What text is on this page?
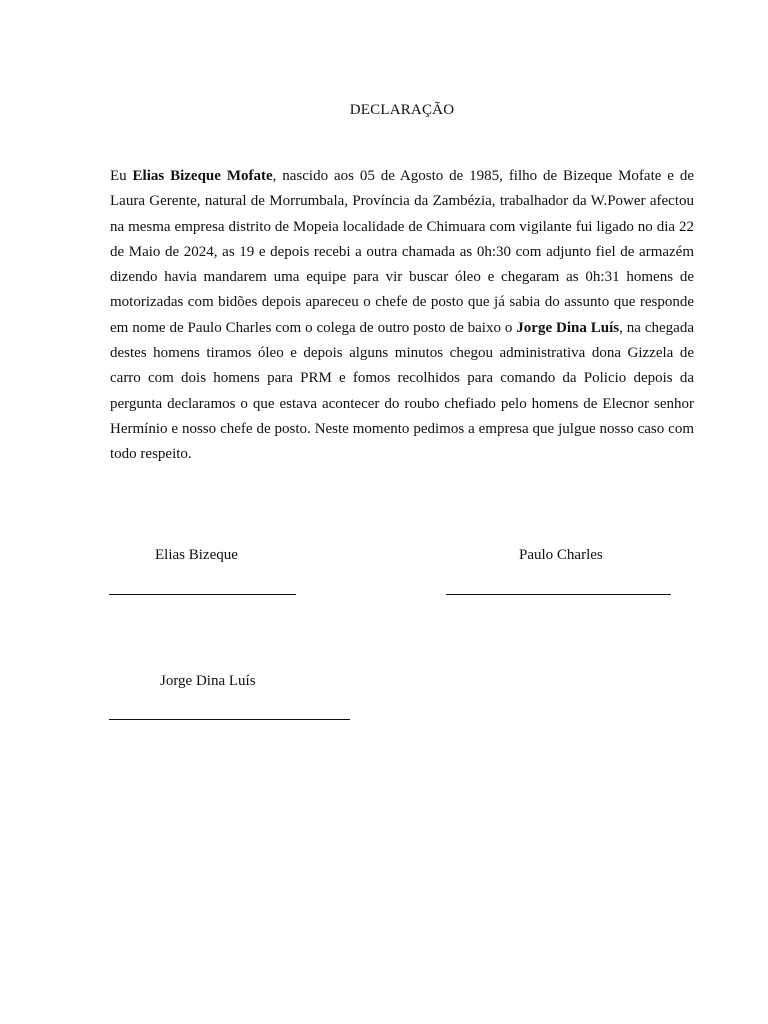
DECLARAÇÃO

Eu Elias Bizeque Mofate, nascido aos 05 de Agosto de 1985, filho de Bizeque Mofate e de Laura Gerente, natural de Morrumbala, Província da Zambézia, trabalhador da W.Power afectou na mesma empresa distrito de Mopeia localidade de Chimuara com vigilante fui ligado no dia 22 de Maio de 2024, as 19 e depois recebi a outra chamada as 0h:30 com adjunto fiel de armazém dizendo havia mandarem uma equipe para vir buscar óleo e chegaram as 0h:31 homens de motorizadas com bidões depois apareceu o chefe de posto que já sabia do assunto que responde em nome de Paulo Charles com o colega de outro posto de baixo o Jorge Dina Luís, na chegada destes homens tiramos óleo e depois alguns minutos chegou administrativa dona Gizzela de carro com dois homens para PRM e fomos recolhidos para comando da Policio depois da pergunta declaramos o que estava acontecer do roubo chefiado pelo homens de Elecnor senhor Hermínio e nosso chefe de posto. Neste momento pedimos a empresa que julgue nosso caso com todo respeito.

Elias Bizeque	Paulo Charles
Jorge Dina Luís
